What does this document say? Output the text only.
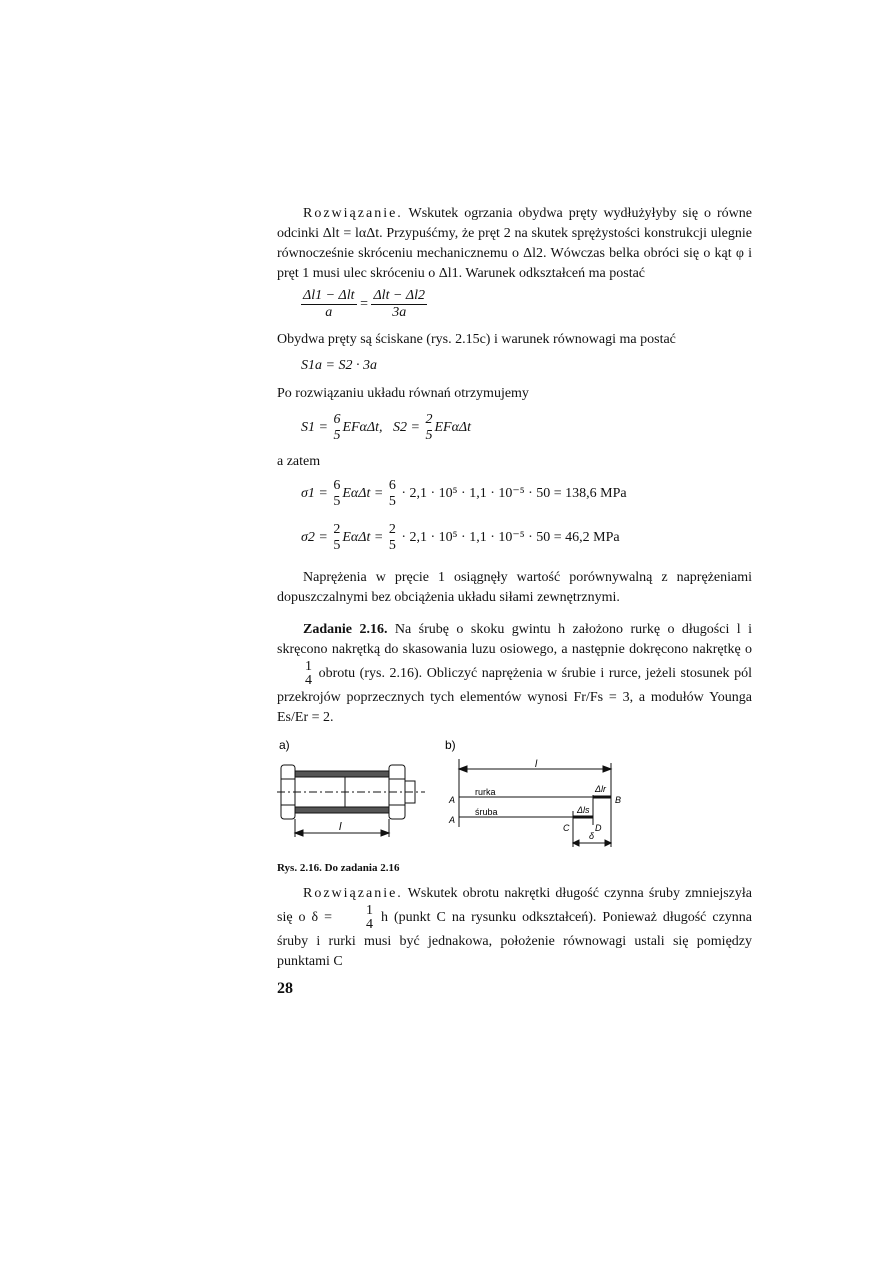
Rozwiązanie. Wskutek ogrzania obydwa pręty wydłużyłyby się o równe odcinki Δlt = lαΔt. Przypuśćmy, że pręt 2 na skutek sprężystości konstrukcji ulegnie równocześnie skróceniu mechanicznemu o Δl2. Wówczas belka obróci się o kąt φ i pręt 1 musi ulec skróceniu o Δl1. Warunek odkształceń ma postać
$\frac{\text{Δl1 − Δlt}}{a} = \frac{\text{Δlt − Δl2}}{3a}$
Obydwa pręty są ściskane (rys. 2.15c) i warunek równowagi ma postać
S1a = S2 · 3a
Po rozwiązaniu układu równań otrzymujemy
S1 =
6
5
EFαΔt, S2 =
2
5
EFαΔt
a zatem
σ1 =
6
5
EαΔt =
6
5
· 2,1 · 10⁵ · 1,1 · 10⁻⁵ · 50 = 138,6 MPa
σ2 =
2
5
EαΔt =
2
5
· 2,1 · 10⁵ · 1,1 · 10⁻⁵ · 50 = 46,2 MPa
Naprężenia w pręcie 1 osiągnęły wartość porównywalną z naprężeniami dopuszczalnymi bez obciążenia układu siłami zewnętrznymi.
Zadanie 2.16. Na śrubę o skoku gwintu h założono rurkę o długości l i skręcono nakrętką do skasowania luzu osiowego, a następnie dokręcono nakrętkę o
1
4 obrotu (rys. 2.16). Obliczyć naprężenia w śrubie i rurce, jeżeli stosunek pól przekrojów poprzecznych tych elementów wynosi Fr/Fs = 3, a modułów Younga Es/Er = 2.
a)	b)
l
l
rurka
śruba
A
A
B
C	D
Δlr
Δls
δ
Rys. 2.16. Do zadania 2.16
Rozwiązanie. Wskutek obrotu nakrętki długość czynna śruby zmniejszyła się o δ =	1
4 h (punkt C na rysunku odkształceń). Ponieważ długość czynna śruby i rurki musi być jednakowa, położenie równowagi ustali się pomiędzy punktami C
28
